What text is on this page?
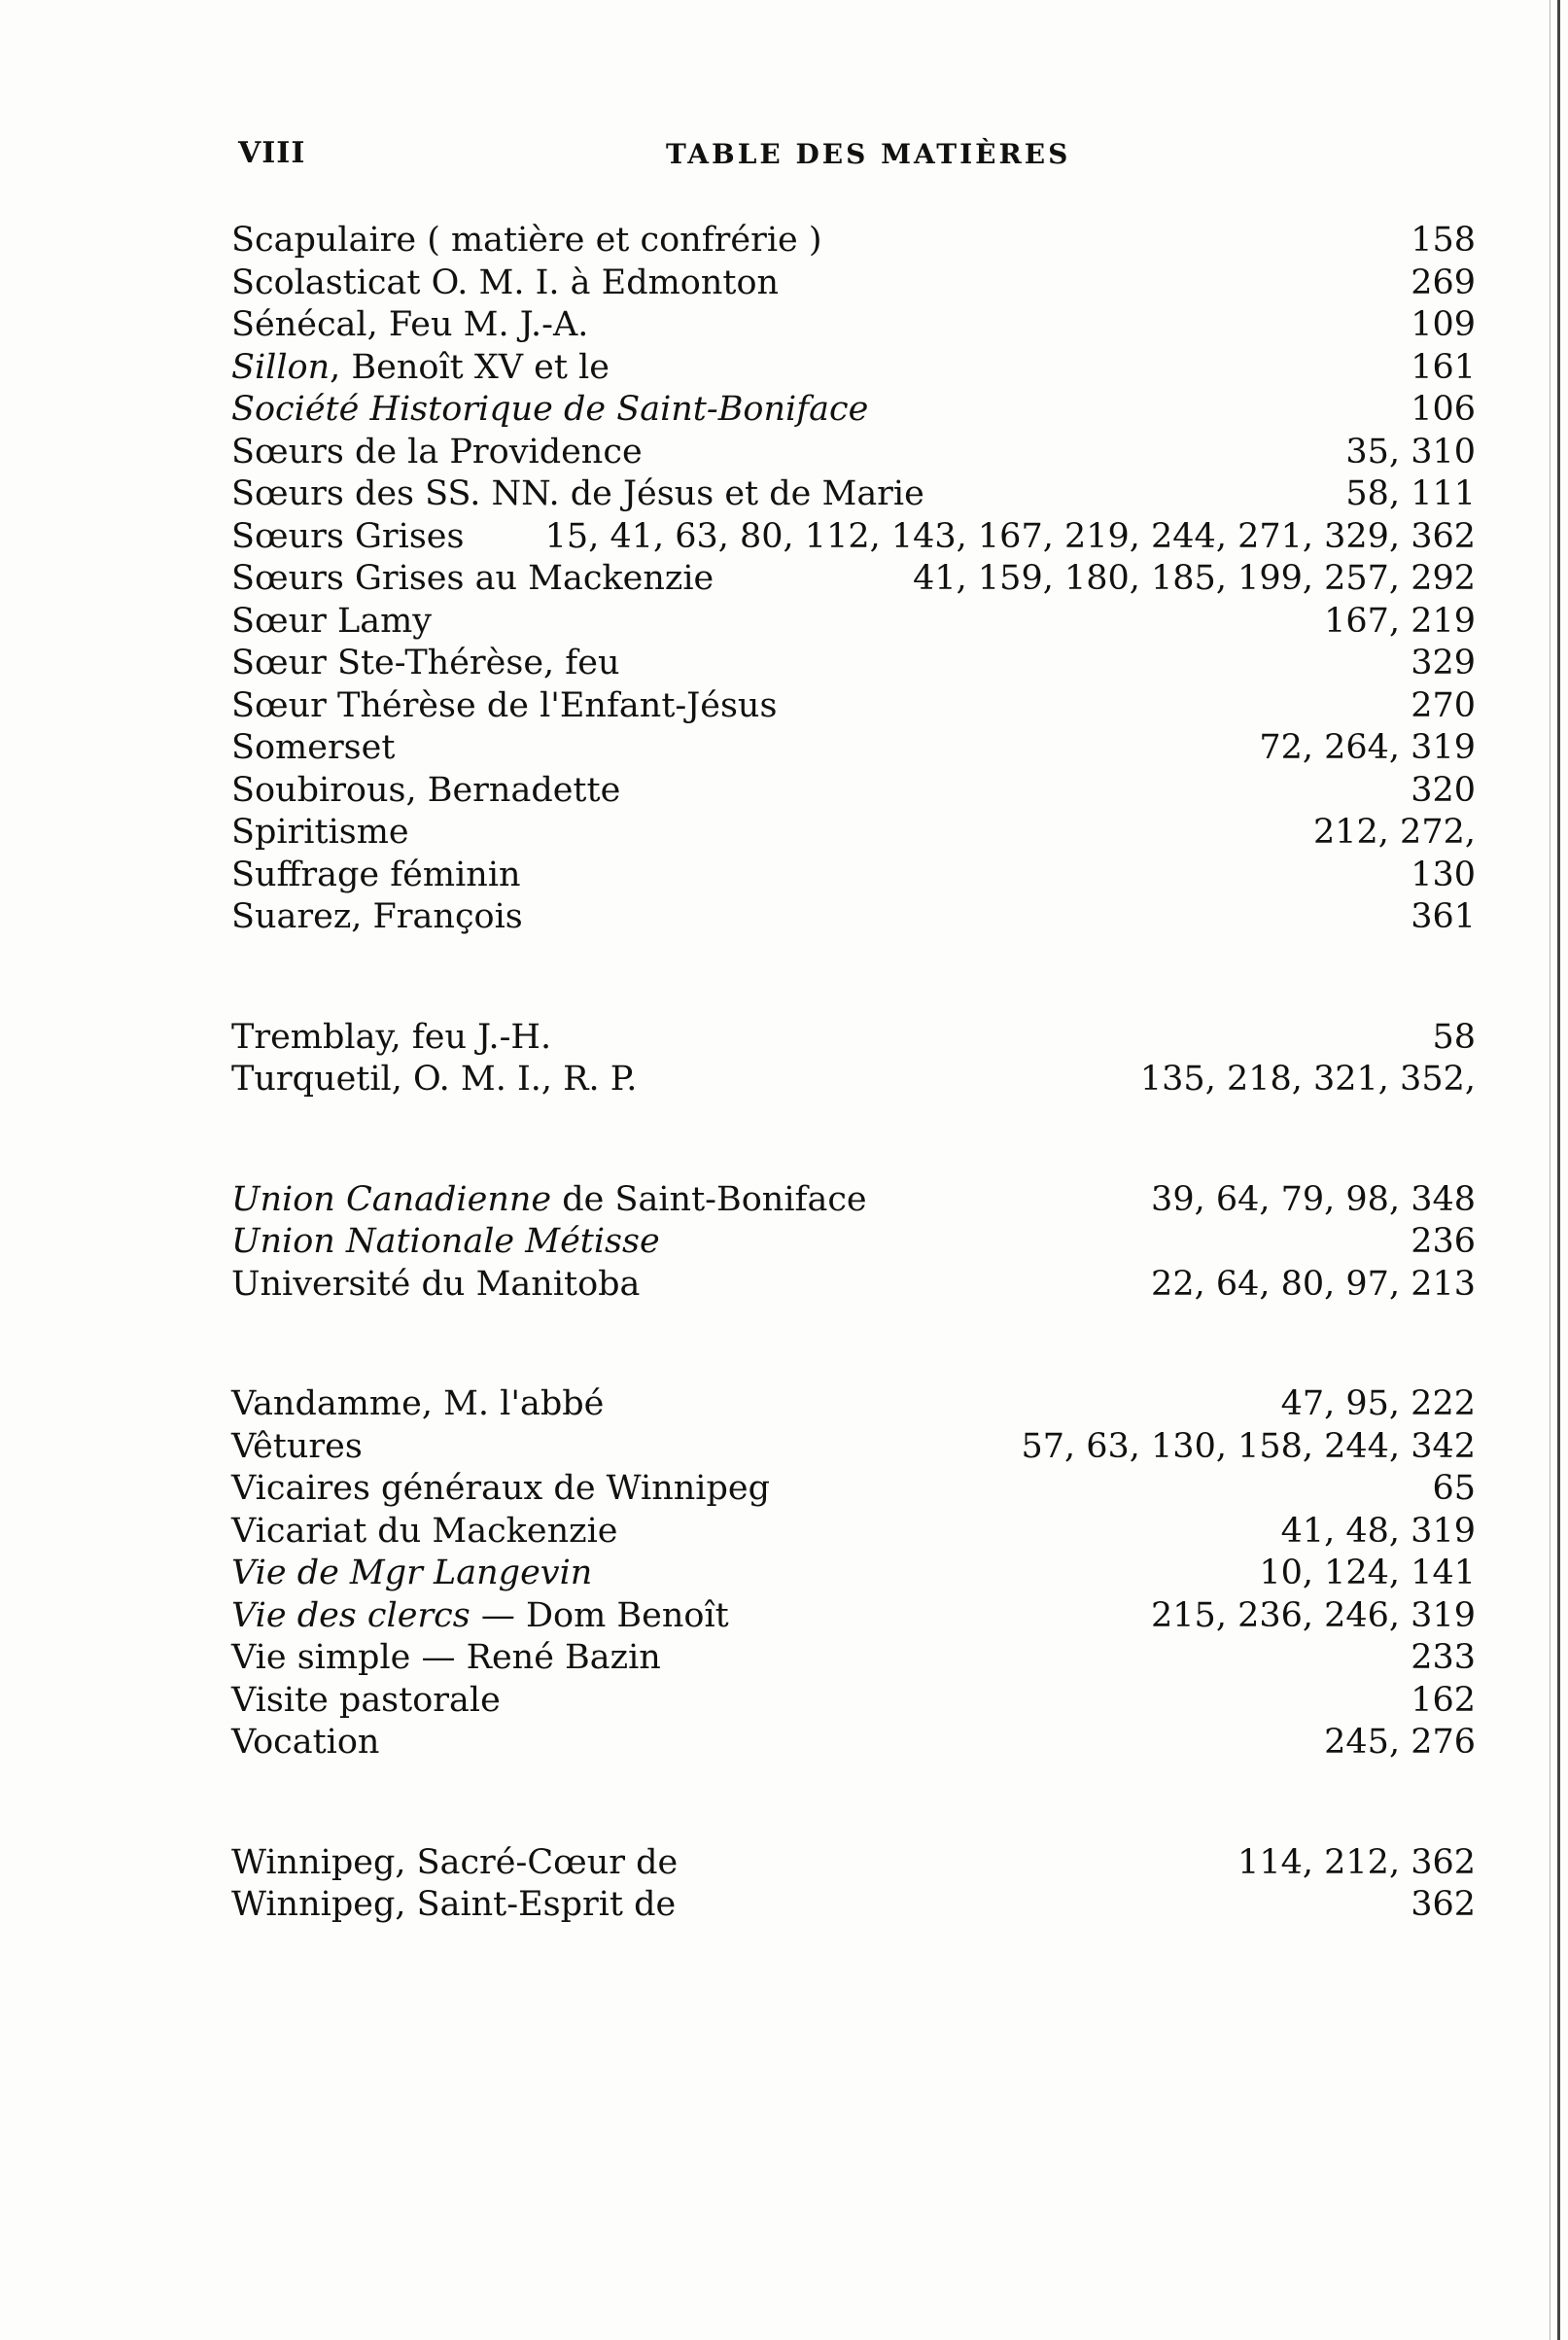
VIII	TABLE DES MATIÈRES
Scapulaire ( matière et confrérie )	158
Scolasticat O. M. I. à Edmonton	269
Sénécal, Feu M. J.-A.	109
Sillon, Benoît XV et le	161
Société Historique de Saint-Boniface	106
Sœurs de la Providence	35, 310
Sœurs des SS. NN. de Jésus et de Marie	58, 111
Sœurs Grises	15, 41, 63, 80, 112, 143, 167, 219, 244, 271, 329, 362
Sœurs Grises au Mackenzie	41, 159, 180, 185, 199, 257, 292
Sœur Lamy	167, 219
Sœur Ste-Thérèse, feu	329
Sœur Thérèse de l'Enfant-Jésus	270
Somerset	72, 264, 319
Soubirous, Bernadette	320
Spiritisme	212, 272,
Suffrage féminin	130
Suarez, François	361
Tremblay, feu J.-H.	58
Turquetil, O. M. I., R. P.	135, 218, 321, 352,
Union Canadienne de Saint-Boniface	39, 64, 79, 98, 348
Union Nationale Métisse	236
Université du Manitoba	22, 64, 80, 97, 213
Vandamme, M. l'abbé	47, 95, 222
Vêtures	57, 63, 130, 158, 244, 342
Vicaires généraux de Winnipeg	65
Vicariat du Mackenzie	41, 48, 319
Vie de Mgr Langevin	10, 124, 141
Vie des clercs — Dom Benoît	215, 236, 246, 319
Vie simple — René Bazin	233
Visite pastorale	162
Vocation	245, 276
Winnipeg, Sacré-Cœur de	114, 212, 362
Winnipeg, Saint-Esprit de	362
